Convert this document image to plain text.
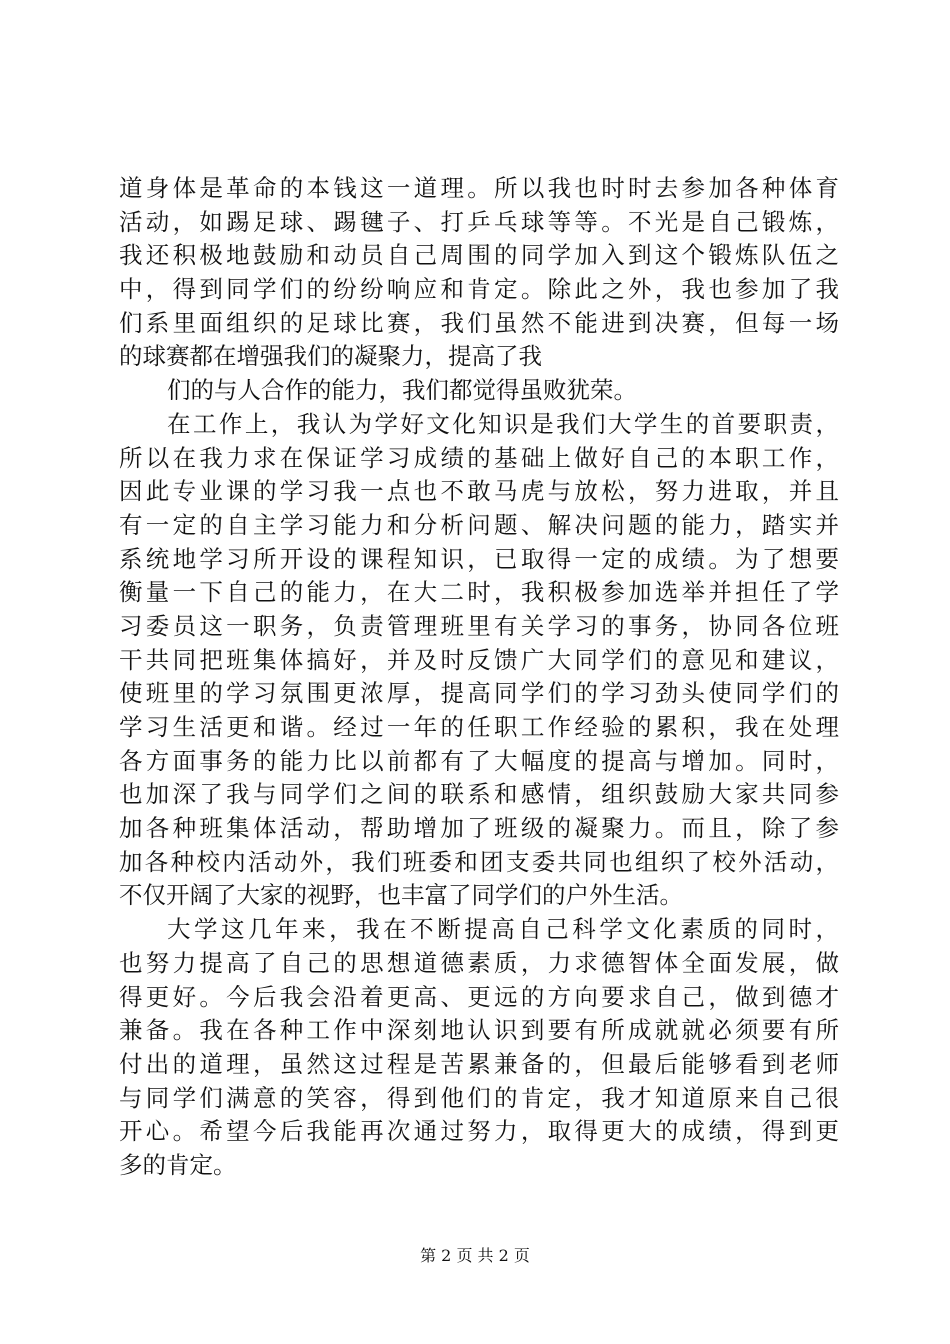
道身体是革命的本钱这一道理。所以我也时时去参加各种体育
活动，如踢足球、踢毽子、打乒乓球等等。不光是自己锻炼，
我还积极地鼓励和动员自己周围的同学加入到这个锻炼队伍之
中，得到同学们的纷纷响应和肯定。除此之外，我也参加了我
们系里面组织的足球比赛，我们虽然不能进到决赛，但每一场
的球赛都在增强我们的凝聚力，提高了我
们的与人合作的能力，我们都觉得虽败犹荣。
在工作上，我认为学好文化知识是我们大学生的首要职责，
所以在我力求在保证学习成绩的基础上做好自己的本职工作，
因此专业课的学习我一点也不敢马虎与放松，努力进取，并且
有一定的自主学习能力和分析问题、解决问题的能力，踏实并
系统地学习所开设的课程知识，已取得一定的成绩。为了想要
衡量一下自己的能力，在大二时，我积极参加选举并担任了学
习委员这一职务，负责管理班里有关学习的事务，协同各位班
干共同把班集体搞好，并及时反馈广大同学们的意见和建议，
使班里的学习氛围更浓厚，提高同学们的学习劲头使同学们的
学习生活更和谐。经过一年的任职工作经验的累积，我在处理
各方面事务的能力比以前都有了大幅度的提高与增加。同时，
也加深了我与同学们之间的联系和感情，组织鼓励大家共同参
加各种班集体活动，帮助增加了班级的凝聚力。而且，除了参
加各种校内活动外，我们班委和团支委共同也组织了校外活动，
不仅开阔了大家的视野，也丰富了同学们的户外生活。
大学这几年来，我在不断提高自己科学文化素质的同时，
也努力提高了自己的思想道德素质，力求德智体全面发展，做
得更好。今后我会沿着更高、更远的方向要求自己，做到德才
兼备。我在各种工作中深刻地认识到要有所成就就必须要有所
付出的道理，虽然这过程是苦累兼备的，但最后能够看到老师
与同学们满意的笑容，得到他们的肯定，我才知道原来自己很
开心。希望今后我能再次通过努力，取得更大的成绩，得到更
多的肯定。
第 2 页 共 2 页
